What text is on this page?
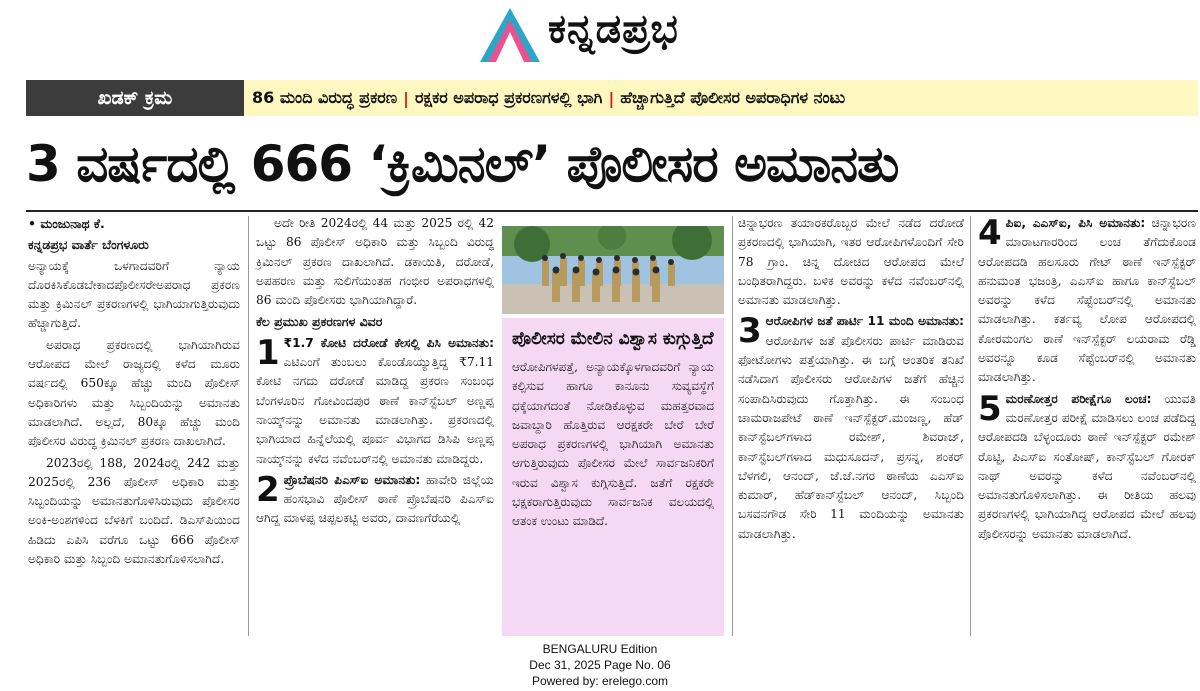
ಕನ್ನಡಪ್ರಭ
ಖಡಕ್ ಕ್ರಮ	86 ಮಂದಿ ವಿರುದ್ಧ ಪ್ರಕರಣ | ರಕ್ಷಕರ ಅಪರಾಧ ಪ್ರಕರಣಗಳಲ್ಲಿ ಭಾಗಿ | ಹೆಚ್ಚಾಗುತ್ತಿದೆ ಪೊಲೀಸರ ಅಪರಾಧಿಗಳ ನಂಟು
3 ವರ್ಷದಲ್ಲಿ 666 ‘ಕ್ರಿಮಿನಲ್’ ಪೊಲೀಸರ ಅಮಾನತು

• ಮಂಜುನಾಥ ಕೆ.

ಕನ್ನಡಪ್ರಭ ವಾರ್ತೆ ಬೆಂಗಳೂರು

ಅನ್ಯಾಯಕ್ಕೆ ಒಳಗಾದವರಿಗೆ ನ್ಯಾಯ ದೊರಕಿಸಿಕೊಡಬೇಕಾದಪೊಲೀಸರೇಅಪರಾಧ ಪ್ರಕರಣ ಮತ್ತು ಕ್ರಿಮಿನಲ್ ಪ್ರಕರಣಗಳಲ್ಲಿ ಭಾಗಿಯಾಗುತ್ತಿರುವುದು ಹೆಚ್ಚಾಗುತ್ತಿದೆ.

ಅಪರಾಧ ಪ್ರಕರಣದಲ್ಲಿ ಭಾಗಿಯಾಗಿರುವ ಆರೋಪದ ಮೇಲೆ ರಾಜ್ಯದಲ್ಲಿ ಕಳೆದ ಮೂರು ವರ್ಷದಲ್ಲಿ 650ಕ್ಕೂ ಹೆಚ್ಚು ಮಂದಿ ಪೊಲೀಸ್ ಅಧಿಕಾರಿಗಳು ಮತ್ತು ಸಿಬ್ಬಂದಿಯನ್ನು ಅಮಾನತು ಮಾಡಲಾಗಿದೆ. ಅಲ್ಲದೆ, 80ಕ್ಕೂ ಹೆಚ್ಚು ಮಂದಿ ಪೊಲೀಸರ ವಿರುದ್ಧ ಕ್ರಿಮಿನಲ್ ಪ್ರಕರಣ ದಾಖಲಾಗಿದೆ.

2023ರಲ್ಲಿ 188, 2024ರಲ್ಲಿ 242 ಮತ್ತು 2025ರಲ್ಲಿ 236 ಪೊಲೀಸ್ ಅಧಿಕಾರಿ ಮತ್ತು ಸಿಬ್ಬಂದಿಯನ್ನು ಅಮಾನತುಗೊಳಿಸಿರುವುದು ಪೊಲೀಸರ ಅಂಕಿ-ಅಂಶಗಳಿಂದ ಬೆಳಕಿಗೆ ಬಂದಿದೆ. ಡಿಎಸ್‌ಪಿಯಿಂದ ಹಿಡಿದು ಎಪಿಸಿ ವರೆಗೂ ಒಟ್ಟು 666 ಪೊಲೀಸ್ ಅಧಿಕಾರಿ ಮತ್ತು ಸಿಬ್ಬಂದಿ ಅಮಾನತುಗೊಳಿಸಲಾಗಿದೆ.

ಅದೇ ರೀತಿ 2024ರಲ್ಲಿ 44 ಮತ್ತು 2025 ರಲ್ಲಿ 42 ಒಟ್ಟು 86 ಪೊಲೀಸ್ ಅಧಿಕಾರಿ ಮತ್ತು ಸಿಬ್ಬಂದಿ ವಿರುದ್ಧ ಕ್ರಿಮಿನಲ್ ಪ್ರಕರಣ ದಾಖಲಾಗಿದೆ. ಡಕಾಯಿತಿ, ದರೋಡೆ, ಅಪಹರಣ ಮತ್ತು ಸುಲಿಗೆಯಂತಹ ಗಂಭೀರ ಅಪರಾಧಗಳಲ್ಲಿ 86 ಮಂದಿ ಪೊಲೀಸರು ಭಾಗಿಯಾಗಿದ್ದಾರೆ.

ಕೆಲ ಪ್ರಮುಖ ಪ್ರಕರಣಗಳ ವಿವರ

1 ₹1.7 ಕೋಟಿ ದರೋಡೆ ಕೇಸಲ್ಲಿ ಪಿಸಿ ಅಮಾನತು: ಎಟಿಎಂಗೆ ತುಂಬಲು ಕೊಂಡೊಯ್ಯುತ್ತಿದ್ದ ₹7.11 ಕೋಟಿ ನಗದು ದರೋಡೆ ಮಾಡಿದ್ದ ಪ್ರಕರಣ ಸಂಬಂಧ ಬೆಂಗಳೂರಿನ ಗೋವಿಂದಪುರ ಠಾಣೆ ಕಾನ್‌ಸ್ಟೆಬಲ್ ಅಣ್ಣಪ್ಪ ನಾಯ್ಕ್‌ನನ್ನು ಅಮಾನತು ಮಾಡಲಾಗಿತ್ತು. ಪ್ರಕರಣದಲ್ಲಿ ಭಾಗಿಯಾದ ಹಿನ್ನೆಲೆಯಲ್ಲಿ ಪೂರ್ವ ವಿಭಾಗದ ಡಿಸಿಪಿ ಅಣ್ಣಪ್ಪ ನಾಯ್ಕ್‌ನನ್ನು ಕಳೆದ ನವೆಂಬರ್‌ನಲ್ಲಿ ಅಮಾನತು ಮಾಡಿದ್ದರು.

2 ಪ್ರೊಬೆಷನರಿ ಪಿಎಸ್‌ಐ ಅಮಾನತು: ಹಾವೇರಿ ಜಿಲ್ಲೆಯ ಹಂಸಭಾವಿ ಪೊಲೀಸ್ ಠಾಣೆ ಪ್ರೊಬೆಷನರಿ ಪಿಎಸ್‌ಐ ಆಗಿದ್ದ ಮಾಳಪ್ಪ ಚಿಪ್ಪಲಕಟ್ಟಿ ಅವರು, ದಾವಣಗೆರೆಯಲ್ಲಿ

ಪೊಲೀಸರ ಮೇಲಿನ ವಿಶ್ವಾಸ ಕುಗ್ಗುತ್ತಿದೆ
ಆರೋಪಿಗಳಪತ್ತೆ, ಅನ್ಯಾಯಕ್ಕೊಳಗಾದವರಿಗೆ ನ್ಯಾಯ ಕಲ್ಪಿಸುವ ಹಾಗೂ ಕಾನೂನು ಸುವ್ಯವಸ್ಥೆಗೆ ಧಕ್ಕೆಯಾಗದಂತೆ ನೋಡಿಕೊಳ್ಳುವ ಮಹತ್ತರವಾದ ಜವಾಬ್ದಾರಿ ಹೊತ್ತಿರುವ ಆರಕ್ಷಕರೇ ಬೇರೆ ಬೇರೆ ಅಪರಾಧ ಪ್ರಕರಣಗಳಲ್ಲಿ ಭಾಗಿಯಾಗಿ ಅಮಾನತು ಆಗುತ್ತಿರುವುದು ಪೊಲೀಸರ ಮೇಲೆ ಸಾರ್ವಜನಿಕರಿಗೆ ಇರುವ ವಿಶ್ವಾಸ ಕುಗ್ಗಿಸುತ್ತಿದೆ. ಜತೆಗೆ ರಕ್ಷಕರೇ ಭಕ್ಷಕರಾಗುತ್ತಿರುವುದು ಸಾರ್ವಜನಿಕ ವಲಯದಲ್ಲಿ ಆತಂಕ ಉಂಟು ಮಾಡಿದೆ.

ಚಿನ್ನಾಭರಣ ತಯಾರಕರೊಬ್ಬರ ಮೇಲೆ ನಡೆದ ದರೋಡೆ ಪ್ರಕರಣದಲ್ಲಿ ಭಾಗಿಯಾಗಿ, ಇತರ ಆರೋಪಿಗಳೊಂದಿಗೆ ಸೇರಿ 78 ಗ್ರಾಂ. ಚಿನ್ನ ದೋಚಿದ ಆರೋಪದ ಮೇಲೆ ಬಂಧಿತರಾಗಿದ್ದರು. ಬಳಿಕ ಅವರನ್ನು ಕಳೆದ ನವೆಂಬರ್‌ನಲ್ಲಿ ಅಮಾನತು ಮಾಡಲಾಗಿತ್ತು.

3 ಆರೋಪಿಗಳ ಜತೆ ಪಾರ್ಟಿ 11 ಮಂದಿ ಅಮಾನತು: ಆರೋಪಿಗಳ ಜತೆ ಪೊಲೀಸರು ಪಾರ್ಟಿ ಮಾಡಿರುವ ಫೋಟೋಗಳು ಪತ್ತೆಯಾಗಿತ್ತು. ಈ ಬಗ್ಗೆ ಆಂತರಿಕ ತನಿಖೆ ನಡೆಸಿದಾಗ ಪೊಲೀಸರು ಆರೋಪಿಗಳ ಜತೆಗೆ ಹೆಚ್ಚಿನ ಸಂಪಾದಿಸಿರುವುದು ಗೊತ್ತಾಗಿತ್ತು. ಈ ಸಂಬಂಧ ಚಾಮರಾಜಪೇಟೆ ಠಾಣೆ ಇನ್‌ಸ್ಪೆಕ್ಟರ್.ಮಂಜಣ್ಣ, ಹೆಡ್ ಕಾನ್‌ಸ್ಟೆಬಲ್‌ಗಳಾದ ರಮೇಶ್, ಶಿವರಾಜ್, ಕಾನ್‌ಸ್ಟೆಬಲ್‌ಗಳಾದ ಮಧುಸೂದನ್, ಪ್ರಸನ್ನ, ಶಂಕರ್ ಬೆಳಗಲಿ, ಆನಂದ್, ಜೆ.ಜೆ.ನಗರ ಠಾಣೆಯ ಎಎಸ್‌ಐ ಕುಮಾರ್, ಹೆಡ್‌ಕಾನ್‌ಸ್ಟೆಬಲ್ ಆನಂದ್, ಸಿಬ್ಬಂದಿ ಬಸವನಗೌಡ ಸೇರಿ 11 ಮಂದಿಯನ್ನು ಅಮಾನತು ಮಾಡಲಾಗಿತ್ತು.

4 ಪಿಐ, ಎಎಸ್‌ಐ, ಪಿಸಿ ಅಮಾನತು: ಚಿನ್ನಾಭರಣ ಮಾರಾಟಗಾರರಿಂದ ಲಂಚ ತೆಗೆದುಕೊಂಡ ಆರೋಪದಡಿ ಹಲಸೂರು ಗೇಟ್ ಠಾಣೆ ಇನ್‌ಸ್ಪೆಕ್ಟರ್ ಹನುಮಂತ ಭಜಂತ್ರಿ, ಎಎಸ್‌ಐ ಹಾಗೂ ಕಾನ್‌ಸ್ಟೆಬಲ್ ಅವರನ್ನು ಕಳೆದ ಸೆಪ್ಟೆಂಬರ್‌ನಲ್ಲಿ ಅಮಾನತು ಮಾಡಲಾಗಿತ್ತು. ಕರ್ತವ್ಯ ಲೋಪ ಆರೋಪದಲ್ಲಿ ಕೋರಮಂಗಲ ಠಾಣೆ ಇನ್‌ಸ್ಪೆಕ್ಟರ್ ಲಯರಾಮ ರೆಡ್ಡಿ ಅವರನ್ನೂ ಕೂಡ ಸೆಪ್ಟೆಂಬರ್‌ನಲ್ಲಿ ಅಮಾನತು ಮಾಡಲಾಗಿತ್ತು.

5 ಮರಣೋತ್ತರ ಪರೀಕ್ಷೆಗೂ ಲಂಚ: ಯುವತಿ ಮರಣೋತ್ತರ ಪರೀಕ್ಷೆ ಮಾಡಿಸಲು ಲಂಚ ಪಡೆದಿದ್ದ ಆರೋಪದಡಿ ಬೆಳ್ಳಂದೂರು ಠಾಣೆ ಇನ್‌ಸ್ಪೆಕ್ಟರ್ ರಮೇಶ್ ರೊಟ್ಟಿ, ಪಿಎಸ್‌ಐ ಸಂತೋಷ್, ಕಾನ್‌ಸ್ಟೆಬಲ್ ಗೋರಕ್ ನಾಥ್ ಅವರನ್ನು ಕಳೆದ ನವೆಂಬರ್‌ನಲ್ಲಿ ಅಮಾನತುಗೊಳಿಸಲಾಗಿತ್ತು. ಈ ರೀತಿಯ ಹಲವು ಪ್ರಕರಣಗಳಲ್ಲಿ ಭಾಗಿಯಾಗಿದ್ದ ಆರೋಪದ ಮೇಲೆ ಹಲವು ಪೊಲೀಸರನ್ನು ಅಮಾನತು ಮಾಡಲಾಗಿದೆ.

BENGALURU Edition
Dec 31, 2025 Page No. 06
Powered by: erelego.com
